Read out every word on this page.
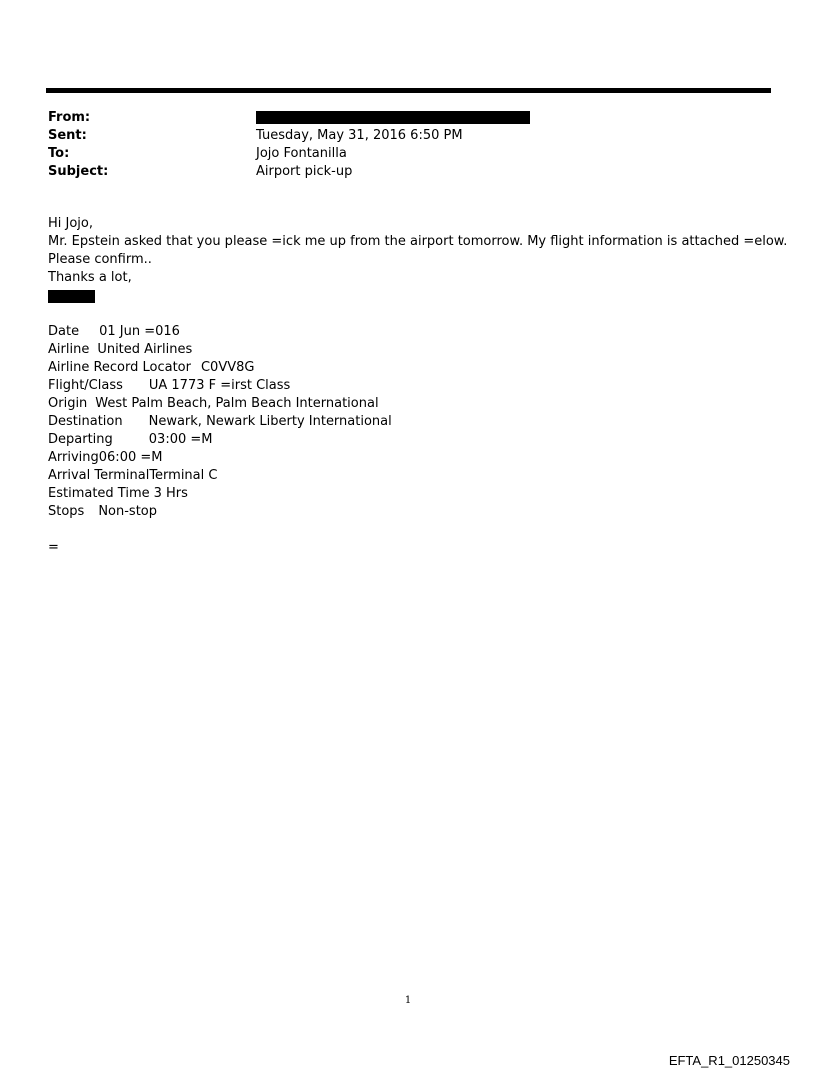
From:
Sent:	Tuesday, May 31, 2016 6:50 PM
To:	Jojo Fontanilla
Subject:	Airport pick-up
Hi Jojo,
Mr. Epstein asked that you please =ick me up from the airport tomorrow. My flight information is attached =elow.
Please confirm..
Thanks a lot,
Date 01 Jun =016
Airline United Airlines
Airline Record Locator C0VV8G
Flight/Class UA 1773 F =irst Class
Origin West Palm Beach, Palm Beach International
Destination Newark, Newark Liberty International
Departing	03:00 =M
Arriving 06:00 =M
Arrival Terminal Terminal C
Estimated Time 3 Hrs
Stops Non-stop
=
1
EFTA_R1_01250345
